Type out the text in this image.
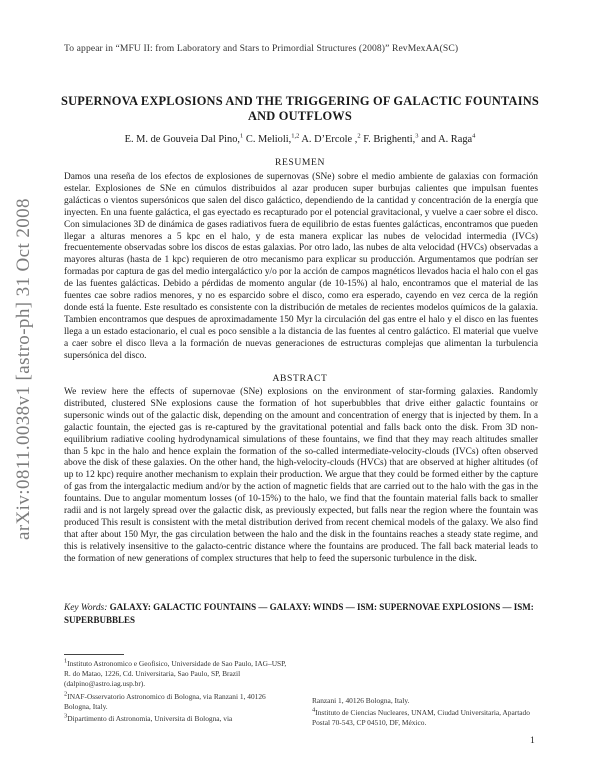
To appear in “MFU II: from Laboratory and Stars to Primordial Structures (2008)” RevMexAA(SC)
arXiv:0811.0038v1 [astro-ph] 31 Oct 2008
SUPERNOVA EXPLOSIONS AND THE TRIGGERING OF GALACTIC FOUNTAINS AND OUTFLOWS
E. M. de Gouveia Dal Pino,$^1$ C. Melioli,$^{1,2}$ A. D’Ercole ,$^2$ F. Brighenti,$^3$ and A. Raga$^4$
RESUMEN
Damos una reseña de los efectos de explosiones de supernovas (SNe) sobre el medio ambiente de galaxias con formación estelar. Explosiones de SNe en cúmulos distribuidos al azar producen super burbujas calientes que impulsan fuentes galácticas o vientos supersónicos que salen del disco galáctico, dependiendo de la cantidad y concentración de la energía que inyecten. En una fuente galáctica, el gas eyectado es recapturado por el potencial gravitacional, y vuelve a caer sobre el disco. Con simulaciones 3D de dinámica de gases radiativos fuera de equilibrio de estas fuentes galácticas, encontramos que pueden llegar a alturas menores a 5 kpc en el halo, y de esta manera explicar las nubes de velocidad intermedia (IVCs) frecuentemente observadas sobre los discos de estas galaxias. Por otro lado, las nubes de alta velocidad (HVCs) observadas a mayores alturas (hasta de 1 kpc) requieren de otro mecanismo para explicar su producción. Argumentamos que podrían ser formadas por captura de gas del medio intergaláctico y/o por la acción de campos magnéticos llevados hacia el halo con el gas de las fuentes galácticas. Debido a pérdidas de momento angular (de 10-15%) al halo, encontramos que el material de las fuentes cae sobre radios menores, y no es esparcido sobre el disco, como era esperado, cayendo en vez cerca de la región donde está la fuente. Este resultado es consistente con la distribución de metales de recientes modelos químicos de la galaxia. Tambien encontramos que despues de aproximadamente 150 Myr la circulación del gas entre el halo y el disco en las fuentes llega a un estado estacionario, el cual es poco sensible a la distancia de las fuentes al centro galáctico. El material que vuelve a caer sobre el disco lleva a la formación de nuevas generaciones de estructuras complejas que alimentan la turbulencia supersónica del disco.
ABSTRACT
We review here the effects of supernovae (SNe) explosions on the environment of star-forming galaxies. Randomly distributed, clustered SNe explosions cause the formation of hot superbubbles that drive either galactic fountains or supersonic winds out of the galactic disk, depending on the amount and concentration of energy that is injected by them. In a galactic fountain, the ejected gas is re-captured by the gravitational potential and falls back onto the disk. From 3D non-equilibrium radiative cooling hydrodynamical simulations of these fountains, we find that they may reach altitudes smaller than 5 kpc in the halo and hence explain the formation of the so-called intermediate-velocity-clouds (IVCs) often observed above the disk of these galaxies. On the other hand, the high-velocity-clouds (HVCs) that are observed at higher altitudes (of up to 12 kpc) require another mechanism to explain their production. We argue that they could be formed either by the capture of gas from the intergalactic medium and/or by the action of magnetic fields that are carried out to the halo with the gas in the fountains. Due to angular momentum losses (of 10-15%) to the halo, we find that the fountain material falls back to smaller radii and is not largely spread over the galactic disk, as previously expected, but falls near the region where the fountain was produced This result is consistent with the metal distribution derived from recent chemical models of the galaxy. We also find that after about 150 Myr, the gas circulation between the halo and the disk in the fountains reaches a steady state regime, and this is relatively insensitive to the galacto-centric distance where the fountains are produced. The fall back material leads to the formation of new generations of complex structures that help to feed the supersonic turbulence in the disk.
Key Words: GALAXY: GALACTIC FOUNTAINS — GALAXY: WINDS — ISM: SUPERNOVAE EXPLOSIONS — ISM: SUPERBUBBLES
$^1$Instituto Astronomico e Geofisico, Universidade de Sao Paulo, IAG–USP, R. do Matao, 1226, Cd. Universitaria, Sao Paulo, SP, Brazil (dalpino@astro.iag.usp.br).
$^2$INAF-Osservatorio Astronomico di Bologna, via Ranzani 1, 40126 Bologna, Italy.
$^3$Dipartimento di Astronomia, Universita di Bologna, via
Ranzani 1, 40126 Bologna, Italy.
$^4$Instituto de Ciencias Nucleares, UNAM, Ciudad Universitaria, Apartado Postal 70-543, CP 04510, DF, México.
1
